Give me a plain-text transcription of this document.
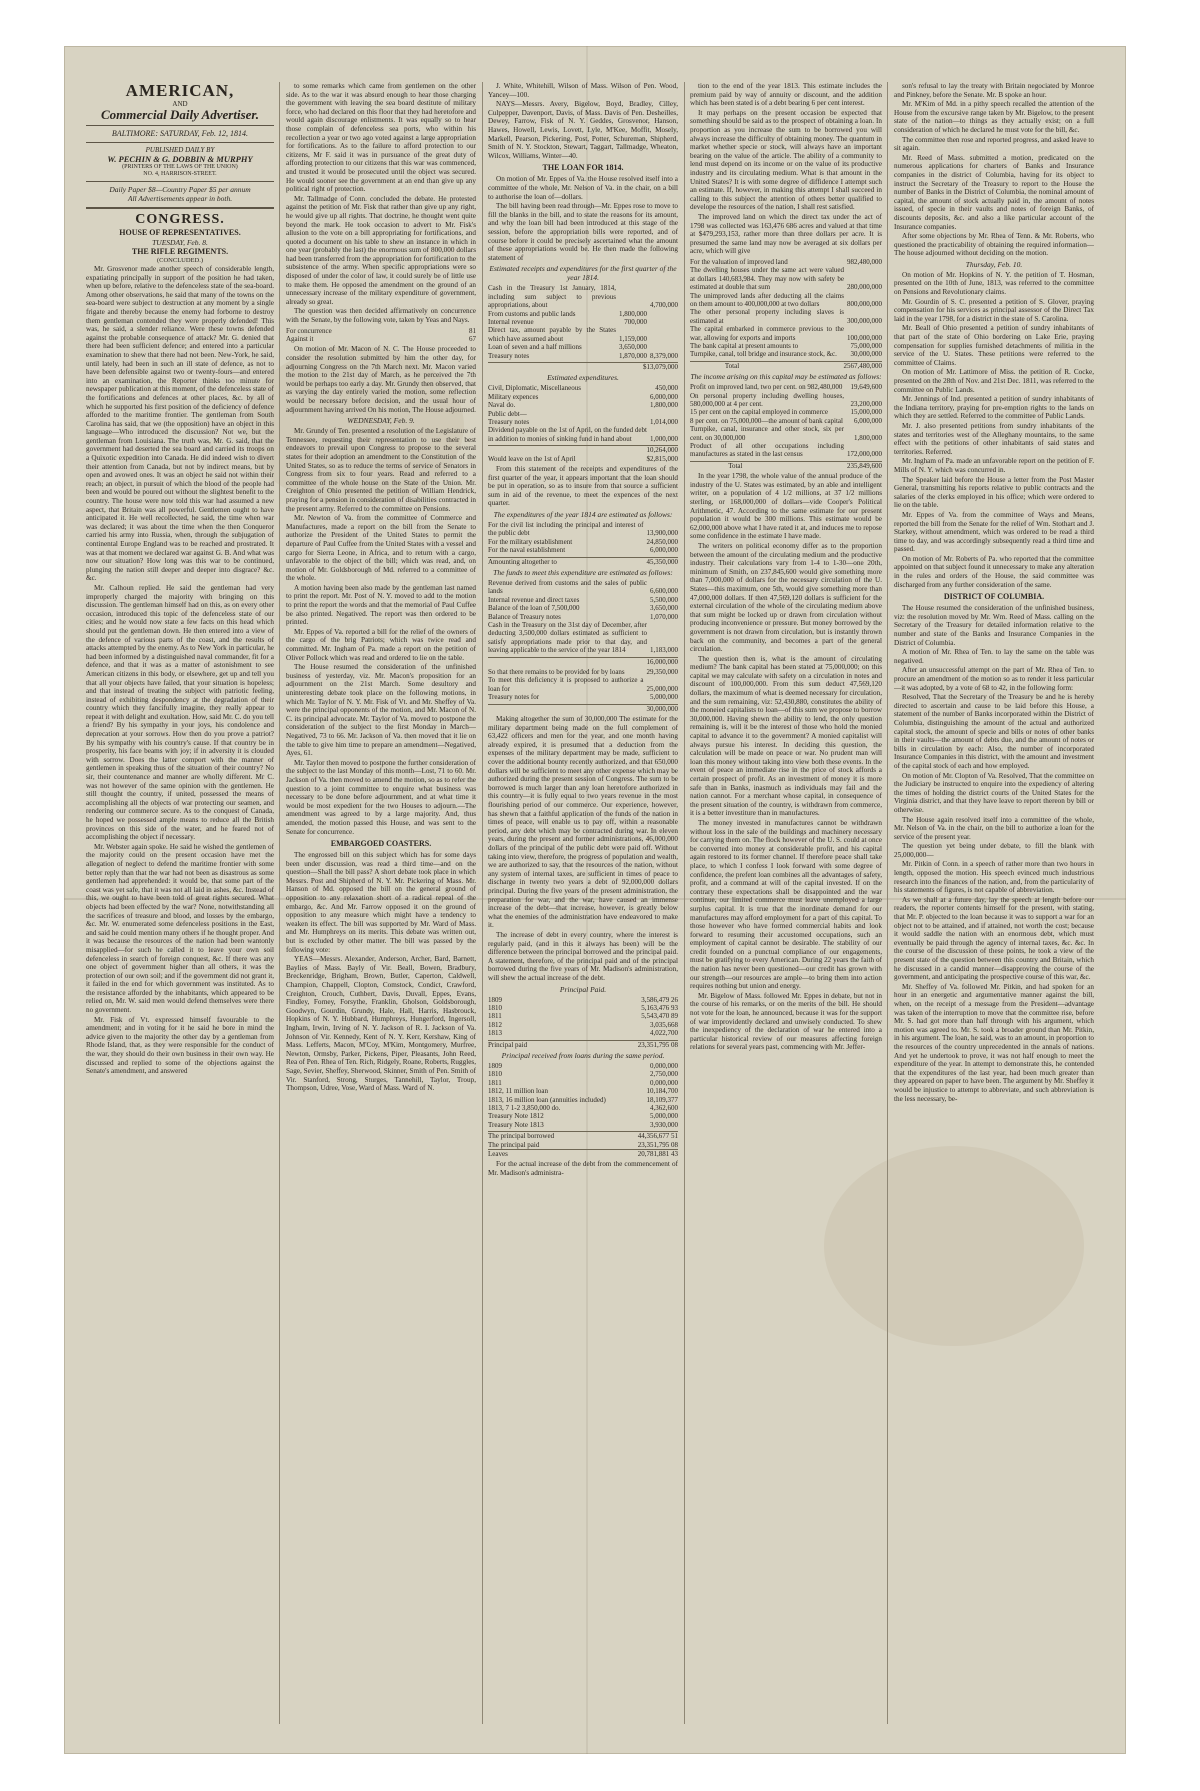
AMERICAN,
AND
Commercial Daily Advertiser.
BALTIMORE: SATURDAY, Feb. 12, 1814.
PUBLISHED DAILY BY
W. PECHIN & G. DOBBIN & MURPHY
(PRINTERS OF THE LAWS OF THE UNION)
NO. 4, HARRISON-STREET.
Daily Paper $8—Country Paper $5 per annum
All Advertisements appear in both.
CONGRESS.
HOUSE OF REPRESENTATIVES.
TUESDAY, Feb. 8.
THE RIFLE REGIMENTS.
(CONCLUDED.)

Mr. Grosvenor made another speech of considerable length, expatiating principally in support of the position he had taken, when up before, relative to the defenceless state of the sea-board. Among other observations, he said that many of the towns on the sea-board were subject to destruction at any moment by a single frigate and thereby because the enemy had forborne to destroy them gentleman contended they were properly defended! This was, he said, a slender reliance. Were these towns defended against the probable consequence of attack? Mr. G. denied that there had been sufficient defence; and entered into a particular examination to shew that there had not been. New-York, he said, until lately, had been in such an ill state of defence, as not to have been defensible against two or twenty-fours—and entered into an examination, the Reporter thinks too minute for newspaper publication at this moment, of the defenceless state of the fortifications and defences at other places, &c. by all of which he supported his first position of the deficiency of defence afforded to the maritime frontier. The gentleman from South Carolina has said, that we (the opposition) have an object in this language—Who introduced the discussion? Not we, but the gentleman from Louisiana. The truth was, Mr. G. said, that the government had deserted the sea board and carried its troops on a Quixotic expedition into Canada. He did indeed wish to divert their attention from Canada, but not by indirect means, but by open and avowed ones. It was an object he said not within their reach; an object, in pursuit of which the blood of the people had been and would be poured out without the slightest benefit to the country. The house were now told this war had assumed a new aspect, that Britain was all powerful. Gentlemen ought to have anticipated it. He well recollected, he said, the time when war was declared; it was about the time when the then Conqueror carried his army into Russia, when, through the subjugation of continental Europe England was to be reached and prostrated. It was at that moment we declared war against G. B. And what was now our situation? How long was this war to be continued, plunging the nation still deeper and deeper into disgrace? &c. &c.

Mr. Calhoun replied. He said the gentleman had very improperly charged the majority with bringing on this discussion. The gentleman himself had on this, as on every other occasion, introduced this topic of the defenceless state of our cities; and he would now state a few facts on this head which should put the gentleman down. He then entered into a view of the defence of various parts of the coast, and the results of attacks attempted by the enemy. As to New York in particular, he had been informed by a distinguished naval commander, fit for a defence, and that it was as a matter of astonishment to see American citizens in this body, or elsewhere, get up and tell you that all your objects have failed, that your situation is hopeless; and that instead of treating the subject with patriotic feeling, instead of exhibiting despondency at the degradation of their country which they fancifully imagine, they really appear to repeat it with delight and exultation. How, said Mr. C. do you tell a friend? By his sympathy in your joys, his condolence and deprecation at your sorrows. How then do you prove a patriot? By his sympathy with his country's cause. If that country be in prosperity, his face beams with joy; if in adversity it is clouded with sorrow. Does the latter comport with the manner of gentlemen in speaking thus of the situation of their country? No sir, their countenance and manner are wholly different. Mr C. was not however of the same opinion with the gentlemen. He still thought the country, if united, possessed the means of accomplishing all the objects of war protecting our seamen, and rendering our commerce secure. As to the conquest of Canada, he hoped we possessed ample means to reduce all the British provinces on this side of the water, and he feared not of accomplishing the object if necessary.

Mr. Webster again spoke. He said he wished the gentlemen of the majority could on the present occasion have met the allegation of neglect to defend the maritime frontier with some better reply than that the war had not been as disastrous as some gentlemen had apprehended: it would be, that some part of the coast was yet safe, that it was not all laid in ashes, &c. Instead of this, we ought to have been told of great rights secured. What objects had been effected by the war? None, notwithstanding all the sacrifices of treasure and blood, and losses by the embargo, &c. Mr. W. enumerated some defenceless positions in the East, and said he could mention many others if he thought proper. And it was because the resources of the nation had been wantonly misapplied—for such he called it to leave your own soil defenceless in search of foreign conquest, &c. If there was any one object of government higher than all others, it was the protection of our own soil; and if the government did not grant it, it failed in the end for which government was instituted. As to the resistance afforded by the inhabitants, which appeared to be relied on, Mr. W. said men would defend themselves were there no government.

Mr. Fisk of Vt. expressed himself favourable to the amendment; and in voting for it he said he bore in mind the advice given to the majority the other day by a gentleman from Rhode Island, that, as they were responsible for the conduct of the war, they should do their own business in their own way. He discussed and replied to some of the objections against the Senate's amendment, and answered

to some remarks which came from gentlemen on the other side. As to the war it was absurd enough to hear those charging the government with leaving the sea board destitute of military force, who had declared on this floor that they had heretofore and would again discourage enlistments. It was equally so to hear those complain of defenceless sea ports, who within his recollection a year or two ago voted against a large appropriation for fortifications. As to the failure to afford protection to our citizens, Mr F. said it was in pursuance of the great duty of affording protection to our citizens that this war was commenced, and trusted it would be prosecuted until the object was secured. He would sooner see the government at an end than give up any political right of protection.

Mr. Tallmadge of Conn. concluded the debate. He protested against the petition of Mr. Fisk that rather than give up any right, he would give up all rights. That doctrine, he thought went quite beyond the mark. He took occasion to advert to Mr. Fisk's allusion to the vote on a bill appropriating for fortifications, and quoted a document on his table to shew an instance in which in one year (probably the last) the enormous sum of 800,000 dollars had been transferred from the appropriation for fortification to the subsistence of the army. When specific appropriations were so disposed of under the color of law, it could surely be of little use to make them. He opposed the amendment on the ground of an unnecessary increase of the military expenditure of government, already so great.

The question was then decided affirmatively on concurrence with the Senate, by the following vote, taken by Yeas and Nays.

For concurrence	81
Against it	67

On motion of Mr. Macon of N. C. The House proceeded to consider the resolution submitted by him the other day, for adjourning Congress on the 7th March next. Mr. Macon varied the motion to the 21st day of March, as he perceived the 7th would be perhaps too early a day. Mr. Grundy then observed, that as varying the day entirely varied the motion, some reflection would be necessary before decision, and the usual hour of adjournment having arrived On his motion, The House adjourned.

WEDNESDAY, Feb. 9.

Mr. Grundy of Ten. presented a resolution of the Legislature of Tennessee, requesting their representation to use their best endeavors to prevail upon Congress to propose to the several states for their adoption an amendment to the Constitution of the United States, so as to reduce the terms of service of Senators in Congress from six to four years. Read and referred to a committee of the whole house on the State of the Union. Mr. Creighton of Ohio presented the petition of William Hendrick, praying for a pension in consideration of disabilities contracted in the present army. Referred to the committee on Pensions.

Mr. Newton of Va. from the committee of Commerce and Manufactures, made a report on the bill from the Senate to authorize the President of the United States to permit the departure of Paul Cuffee from the United States with a vessel and cargo for Sierra Leone, in Africa, and to return with a cargo, unfavorable to the object of the bill; which was read, and, on motion of Mr. Goldsborough of Md. referred to a committee of the whole.

A motion having been also made by the gentleman last named to print the report. Mr. Post of N. Y. moved to add to the motion to print the report the words and that the memorial of Paul Cuffee be also printed. Negatived. The report was then ordered to be printed.

Mr. Eppes of Va. reported a bill for the relief of the owners of the cargo of the brig Patriots; which was twice read and committed. Mr. Ingham of Pa. made a report on the petition of Oliver Pollock which was read and ordered to lie on the table.

The House resumed the consideration of the unfinished business of yesterday, viz. Mr. Macon's proposition for an adjournment on the 21st March. Some desultory and uninteresting debate took place on the following motions, in which Mr. Taylor of N. Y. Mr. Fisk of Vt. and Mr. Sheffey of Va. were the principal opponents of the motion, and Mr. Macon of N. C. its principal advocate. Mr. Taylor of Va. moved to postpone the consideration of the subject to the first Monday in March—Negatived, 73 to 66. Mr. Jackson of Va. then moved that it lie on the table to give him time to prepare an amendment—Negatived, Ayes, 61.

Mr. Taylor then moved to postpone the further consideration of the subject to the last Monday of this month—Lost, 71 to 60. Mr. Jackson of Va. then moved to amend the motion, so as to refer the question to a joint committee to enquire what business was necessary to be done before adjournment, and at what time it would be most expedient for the two Houses to adjourn.—The amendment was agreed to by a large majority. And, thus amended, the motion passed this House, and was sent to the Senate for concurrence.

EMBARGOED COASTERS.

The engrossed bill on this subject which has for some days been under discussion, was read a third time—and on the question—Shall the bill pass? A short debate took place in which Messrs. Post and Shipherd of N. Y. Mr. Pickering of Mass. Mr. Hanson of Md. opposed the bill on the general ground of opposition to any relaxation short of a radical repeal of the embargo, &c. And Mr. Farrow opposed it on the ground of opposition to any measure which might have a tendency to weaken its effect. The bill was supported by Mr. Ward of Mass. and Mr. Humphreys on its merits. This debate was written out, but is excluded by other matter. The bill was passed by the following vote:

YEAS—Messrs. Alexander, Anderson, Archer, Bard, Barnett, Baylies of Mass. Bayly of Vir. Beall, Bowen, Bradbury, Breckenridge, Brigham, Brown, Butler, Caperton, Caldwell, Champion, Chappell, Clopton, Comstock, Condict, Crawford, Creighton, Crouch, Cuthbert, Davis, Duvall, Eppes, Evans, Findley, Forney, Forsythe, Franklin, Gholson, Goldsborough, Goodwyn, Gourdin, Grundy, Hale, Hall, Harris, Hasbrouck, Hopkins of N. Y. Hubbard, Humphreys, Hungerford, Ingersoll, Ingham, Irwin, Irving of N. Y. Jackson of R. I. Jackson of Va. Johnson of Vir. Kennedy, Kent of N. Y. Kerr, Kershaw, King of Mass. Lefferts, Macon, M'Coy, M'Kim, Montgomery, Murfree, Newton, Ormsby, Parker, Pickens, Piper, Pleasants, John Reed, Rea of Pen. Rhea of Ten. Rich, Ridgely, Roane, Roberts, Ruggles, Sage, Sevier, Sheffey, Sherwood, Skinner, Smith of Pen. Smith of Vir. Stanford, Strong, Sturges, Tannehill, Taylor, Troup, Thompson, Udree, Vose, Ward of Mass. Ward of N.

J. White, Whitehill, Wilson of Mass. Wilson of Pen. Wood, Yancey—100.

NAYS—Messrs. Avery, Bigelow, Boyd, Bradley, Cilley, Culpepper, Davenport, Davis, of Mass. Davis of Pen. Desheilles, Dewey, Farrow, Fisk of N. Y. Geddes, Grosvenor, Hanson, Hawes, Howell, Lewis, Lovett, Lyle, M'Kee, Moffit, Mosely, Markell, Pearson, Pickering, Post, Potter, Schureman, Shipherd, Smith of N. Y. Stockton, Stewart, Taggart, Tallmadge, Wheaton, Wilcox, Williams, Winter—40.

THE LOAN FOR 1814.

On motion of Mr. Eppes of Va. the House resolved itself into a committee of the whole, Mr. Nelson of Va. in the chair, on a bill to authorise the loan of—dollars.

The bill having been read through—Mr. Eppes rose to move to fill the blanks in the bill, and to state the reasons for its amount, and why the loan bill had been introduced at this stage of the session, before the appropriation bills were reported, and of course before it could be precisely ascertained what the amount of these appropriations would be. He then made the following statement of

Estimated receipts and expenditures for the first quarter of the year 1814.
Cash in the Treasury 1st January, 1814, including sum subject to previous appropriations, about		4,700,000
From customs and public lands	1,800,000	
Internal revenue	700,000	
Direct tax, amount payable by the States which have assumed about	1,159,000	
Loan of seven and a half millions	3,650,000	
Treasury notes	1,870,000	8,379,000
	$13,079,000
Estimated expenditures.
Civil, Diplomatic, Miscellaneous	450,000
Military expences	6,000,000
Naval do.	1,800,000
Public debt—	
Treasury notes	1,014,000
Dividend payable on the 1st of April, on the funded debt in addition to monies of sinking fund in hand about	1,000,000
	10,264,000
Would leave on the 1st of April	$2,815,000

From this statement of the receipts and expenditures of the first quarter of the year, it appears important that the loan should be put in operation, so as to insure from that source a sufficient sum in aid of the revenue, to meet the expences of the next quarter.

The expenditures of the year 1814 are estimated as follows:
For the civil list including the principal and interest of the public debt	13,900,000
For the military establishment	24,850,000
For the naval establishment	6,000,000
Amounting altogether to	45,350,000
The funds to meet this expenditure are estimated as follows:
Revenue derived from customs and the sales of public lands	6,600,000
Internal revenue and direct taxes	5,500,000
Balance of the loan of 7,500,000	3,650,000
Balance of Treasury notes	1,070,000
Cash in the Treasury on the 31st day of December, after deducting 3,500,000 dollars estimated as sufficient to satisfy appropriations made prior to that day, and leaving applicable to the service of the year 1814	1,183,000
	16,000,000
So that there remains to be provided for by loans	29,350,000
To meet this deficiency it is proposed to authorize a loan for	25,000,000
Treasury notes for	5,000,000
	30,000,000

Making altogether the sum of 30,000,000 The estimate for the military department being made on the full complement of 63,422 officers and men for the year, and one month having already expired, it is presumed that a deduction from the expenses of the military department may be made, sufficient to cover the additional bounty recently authorized, and that 650,000 dollars will be sufficient to meet any other expense which may be authorized during the present session of Congress. The sum to be borrowed is much larger than any loan heretofore authorized in this country—it is fully equal to two years revenue in the most flourishing period of our commerce. Our experience, however, has shewn that a faithful application of the funds of the nation in times of peace, will enable us to pay off, within a reasonable period, any debt which may be contracted during war. In eleven years, during the present and former administrations, 46,000,000 dollars of the principal of the public debt were paid off. Without taking into view, therefore, the progress of population and wealth, we are authorized to say, that the resources of the nation, without any system of internal taxes, are sufficient in times of peace to discharge in twenty two years a debt of 92,000,000 dollars principal. During the five years of the present administration, the preparation for war, and the war, have caused an immense increase of the debt—that increase, however, is greatly below what the enemies of the administration have endeavored to make it.

The increase of debt in every country, where the interest is regularly paid, (and in this it always has been) will be the difference between the principal borrowed and the principal paid. A statement, therefore, of the principal paid and of the principal borrowed during the five years of Mr. Madison's administration, will shew the actual increase of the debt.

Principal Paid.
1809	3,586,479 26
1810	5,163,476 93
1811	5,543,470 89
1812	3,035,668
1813	4,022,700
Principal paid	23,351,795 08
Principal received from loans during the same period.
1809	0,000,000
1810	2,750,000
1811	0,000,000
1812, 11 million loan	10,184,700
1813, 16 million loan (annuities included)	18,109,377
1813, 7 1-2 3,850,000 do.	4,362,600
Treasury Note 1812	5,000,000
Treasury Note 1813	3,930,000
The principal borrowed	44,356,677 51
The principal paid	23,351,795 08
Leaves	20,781,881 43

For the actual increase of the debt from the commencement of Mr. Madison's administra-

tion to the end of the year 1813. This estimate includes the premium paid by way of annuity or discount, and the addition which has been stated is of a debt bearing 6 per cent interest.

It may perhaps on the present occasion be expected that something should be said as to the prospect of obtaining a loan. In proportion as you increase the sum to be borrowed you will always increase the difficulty of obtaining money. The quantum in market whether specie or stock, will always have an important bearing on the value of the article. The ability of a community to lend must depend on its income or on the value of its productive industry and its circulating medium. What is that amount in the United States? It is with some degree of diffidence I attempt such an estimate. If, however, in making this attempt I shall succeed in calling to this subject the attention of others better qualified to develope the resources of the nation, I shall rest satisfied.

The improved land on which the direct tax under the act of 1798 was collected was 163,476 686 acres and valued at that time at $479,293,153, rather more than three dollars per acre. It is presumed the same land may now be averaged at six dollars per acre, which will give

For the valuation of improved land	982,480,000
The dwelling houses under the same act were valued at dollars 140,683,984. They may now with safety be estimated at double that sum	280,000,000
The unimproved lands after deducting all the claims on them amount to 400,000,000 at two dollars	800,000,000
The other personal property including slaves is estimated at	300,000,000
The capital embarked in commerce previous to the war, allowing for exports and imports	100,000,000
The bank capital at present amounts to	75,000,000
Turnpike, canal, toll bridge and insurance stock, &c.	30,000,000
Total	2567,480,000
The income arising on this capital may be estimated as follows:
Profit on improved land, two per cent. on 982,480,000	19,649,600
On personal property including dwelling houses, 580,000,000 at 4 per cent.	23,200,000
15 per cent on the capital employed in commerce	15,000,000
8 per cent. on 75,000,000—the amount of bank capital	6,000,000
Turnpike, canal, insurance and other stock, six per cent. on 30,000,000	1,800,000
Product of all other occupations including manufactures as stated in the last census	172,000,000
Total	235,849,600

In the year 1798, the whole value of the annual produce of the industry of the U. States was estimated, by an able and intelligent writer, on a population of 4 1/2 millions, at 37 1/2 millions sterling, or 168,000,000 of dollars—vide Cooper's Political Arithmetic, 47. According to the same estimate for our present population it would be 300 millions. This estimate would be 62,000,000 above what I have rated it at, and induces me to repose some confidence in the estimate I have made.

The writers on political economy differ as to the proportion between the amount of the circulating medium and the productive industry. Their calculations vary from 1-4 to 1-30—one 20th, minimum of Smith, on 237,845,600 would give something more than 7,000,000 of dollars for the necessary circulation of the U. States—this maximum, one 5th, would give something more than 47,000,000 dollars. If then 47,569,120 dollars is sufficient for the external circulation of the whole of the circulating medium above that sum might be locked up or drawn from circulation without producing inconvenience or pressure. But money borrowed by the government is not drawn from circulation, but is instantly thrown back on the community, and becomes a part of the general circulation.

The question then is, what is the amount of circulating medium? The bank capital has been stated at 75,000,000; on this capital we may calculate with safety on a circulation in notes and discount of 100,000,000. From this sum deduct 47,569,120 dollars, the maximum of what is deemed necessary for circulation, and the sum remaining, viz: 52,430,880, constitutes the ability of the moneied capitalists to loan—of this sum we propose to borrow 30,000,000. Having shewn the ability to lend, the only question remaining is, will it be the interest of those who hold the monied capital to advance it to the government? A monied capitalist will always pursue his interest. In deciding this question, the calculation will be made on peace or war. No prudent man will loan this money without taking into view both these events. In the event of peace an immediate rise in the price of stock affords a certain prospect of profit. As an investment of money it is more safe than in Banks, inasmuch as individuals may fail and the nation cannot. For a merchant whose capital, in consequence of the present situation of the country, is withdrawn from commerce, it is a better investiture than in manufactures.

The money invested in manufactures cannot be withdrawn without loss in the sale of the buildings and machinery necessary for carrying them on. The flock however of the U. S. could at once be converted into money at considerable profit, and his capital again restored to its former channel. If therefore peace shall take place, to which I confess I look forward with some degree of confidence, the prefent loan combines all the advantages of safety, profit, and a command at will of the capital invested. If on the contrary these expectations shall be disappointed and the war continue, our limited commerce must leave unemployed a large surplus capital. It is true that the inordinate demand for our manufactures may afford employment for a part of this capital. To those however who have formed commercial habits and look forward to resuming their accustomed occupations, such an employment of capital cannot be desirable. The stability of our credit founded on a punctual compliance of our engagements, must be gratifying to every American. During 22 years the faith of the nation has never been questioned—our credit has grown with our strength—our resources are ample—to bring them into action requires nothing but union and energy.

Mr. Bigelow of Mass. followed Mr. Eppes in debate, but not in the course of his remarks, or on the merits of the bill. He should not vote for the loan, he announced, because it was for the support of war improvidently declared and unwisely conducted. To shew the inexpediency of the declaration of war he entered into a particular historical review of our measures affecting foreign relations for several years past, commencing with Mr. Jeffer-

son's refusal to lay the treaty with Britain negociated by Monroe and Pinkney, before the Senate. Mr. B spoke an hour.

Mr. M'Kim of Md. in a pithy speech recalled the attention of the House from the excursive range taken by Mr. Bigelow, to the present state of the nation—to things as they actually exist; on a full consideration of which he declared he must vote for the bill, &c.

The committee then rose and reported progress, and asked leave to sit again.

Mr. Reed of Mass. submitted a motion, predicated on the numerous applications for charters of Banks and Insurance companies in the district of Columbia, having for its object to instruct the Secretary of the Treasury to report to the House the number of Banks in the District of Columbia, the nominal amount of capital, the amount of stock actually paid in, the amount of notes issued, of specie in their vaults and notes of foreign Banks, of discounts deposits, &c. and also a like particular account of the Insurance companies.

After some objections by Mr. Rhea of Tenn. & Mr. Roberts, who questioned the practicability of obtaining the required information—The house adjourned without deciding on the motion.

Thursday, Feb. 10.

On motion of Mr. Hopkins of N. Y. the petition of T. Hosman, presented on the 10th of June, 1813, was referred to the committee on Pensions and Revolutionary claims.

Mr. Gourdin of S. C. presented a petition of S. Glover, praying compensation for his services as principal assessor of the Direct Tax laid in the year 1798, for a district in the state of S. Carolina.

Mr. Beall of Ohio presented a petition of sundry inhabitants of that part of the state of Ohio bordering on Lake Erie, praying compensation for supplies furnished detachments of militia in the service of the U. States. These petitions were referred to the committee of Claims.

On motion of Mr. Lattimore of Miss. the petition of R. Cocke, presented on the 28th of Nov. and 21st Dec. 1811, was referred to the committee on Public Lands.

Mr. Jennings of Ind. presented a petition of sundry inhabitants of the Indiana territory, praying for pre-emption rights to the lands on which they are settled. Referred to the committee of Public Lands.

Mr. J. also presented petitions from sundry inhabitants of the states and territories west of the Alleghany mountains, to the same effect with the petitions of other inhabitants of said states and territories. Referred.

Mr. Ingham of Pa. made an unfavorable report on the petition of F. Mills of N. Y. which was concurred in.

The Speaker laid before the House a letter from the Post Master General, transmitting his reports relative to public contracts and the salaries of the clerks employed in his office; which were ordered to lie on the table.

Mr. Eppes of Va. from the committee of Ways and Means, reported the bill from the Senate for the relief of Wm. Stothart and J. Starkey, without amendment, which was ordered to be read a third time to day, and was accordingly subsequently read a third time and passed.

On motion of Mr. Roberts of Pa. who reported that the committee appointed on that subject found it unnecessary to make any alteration in the rules and orders of the House, the said committee was discharged from any further consideration of the same.

DISTRICT OF COLUMBIA.

The House resumed the consideration of the unfinished business, viz: the resolution moved by Mr. Wm. Reed of Mass. calling on the Secretary of the Treasury for detailed information relative to the number and state of the Banks and Insurance Companies in the District of Columbia.

A motion of Mr. Rhea of Ten. to lay the same on the table was negatived.

After an unsuccessful attempt on the part of Mr. Rhea of Ten. to procure an amendment of the motion so as to render it less particular—it was adopted, by a vote of 68 to 42, in the following form:

Resolved, That the Secretary of the Treasury be and he is hereby directed to ascertain and cause to be laid before this House, a statement of the number of Banks incorporated within the District of Columbia, distinguishing the amount of the actual and authorized capital stock, the amount of specie and bills or notes of other banks in their vaults—the amount of debts due, and the amount of notes or bills in circulation by each: Also, the number of incorporated Insurance Companies in this district, with the amount and investment of the capital stock of each and how employed.

On motion of Mr. Clopton of Va. Resolved, That the committee on the Judiciary be instructed to enquire into the expediency of altering the times of holding the district courts of the United States for the Virginia district, and that they have leave to report thereon by bill or otherwise.

The House again resolved itself into a committee of the whole, Mr. Nelson of Va. in the chair, on the bill to authorize a loan for the service of the present year.

The question yet being under debate, to fill the blank with 25,000,000—

Mr. Pitkin of Conn. in a speech of rather more than two hours in length, opposed the motion. His speech evinced much industrious research into the finances of the nation, and, from the particularity of his statements of figures, is not capable of abbreviation.

As we shall at a future day, lay the speech at length before our readers, the reporter contents himself for the present, with stating, that Mr. P. objected to the loan because it was to support a war for an object not to be attained, and if attained, not worth the cost; because it would saddle the nation with an enormous debt, which must eventually be paid through the agency of internal taxes, &c. &c. In the course of the discussion of these points, he took a view of the present state of the question between this country and Britain, which he discussed in a candid manner—disapproving the course of the government, and anticipating the prospective course of this war, &c.

Mr. Sheffey of Va. followed Mr. Pitkin, and had spoken for an hour in an energetic and argumentative manner against the bill, when, on the receipt of a message from the President—advantage was taken of the interruption to move that the committee rise, before Mr. S. had got more than half through with his argument, which motion was agreed to. Mr. S. took a broader ground than Mr. Pitkin, in his argument. The loan, he said, was to an amount, in proportion to the resources of the country unprecedented in the annals of nations. And yet he undertook to prove, it was not half enough to meet the expenditure of the year. In attempt to demonstrate this, he contended that the expenditures of the last year, had been much greater than they appeared on paper to have been. The argument by Mr. Sheffey it would be injustice to attempt to abbreviate, and such abbreviation is the less necessary, be-
